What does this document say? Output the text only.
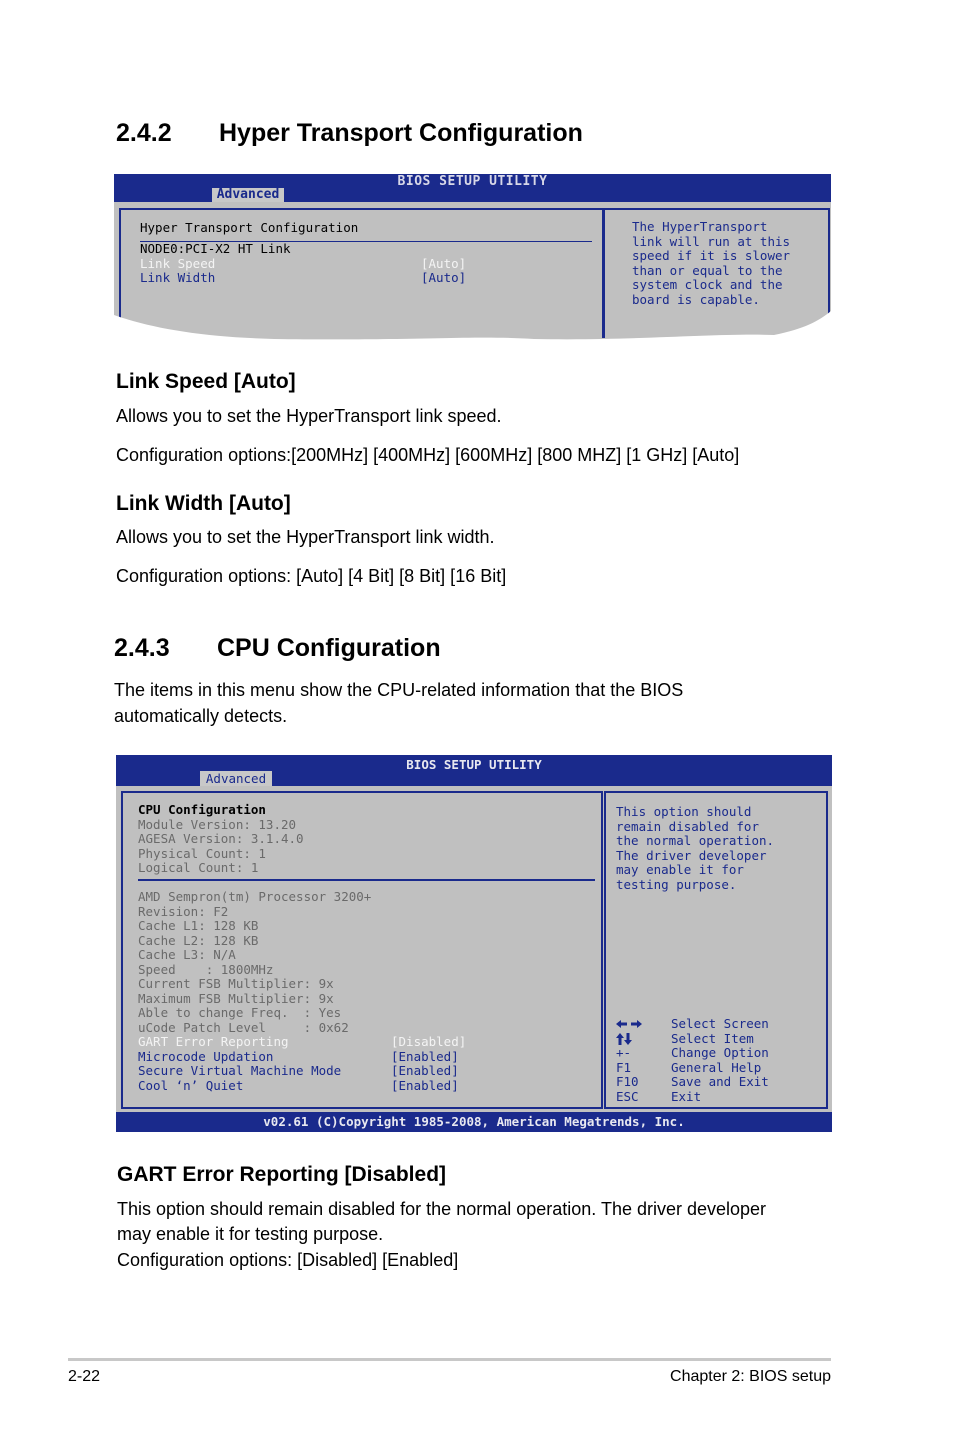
2.4.2 Hyper Transport Configuration
BIOS SETUP UTILITY
Advanced
Hyper Transport Configuration
NODE0:PCI-X2 HT Link
Link Speed	[Auto]
Link Width	[Auto]
The HyperTransport
link will run at this
speed if it is slower
than or equal to the
system clock and the
board is capable.
Link Speed [Auto]
Allows you to set the HyperTransport link speed.
Configuration options:[200MHz] [400MHz] [600MHz] [800 MHZ] [1 GHz] [Auto]
Link Width [Auto]
Allows you to set the HyperTransport link width.
Configuration options: [Auto] [4 Bit] [8 Bit] [16 Bit]
2.4.3 CPU Configuration
The items in this menu show the CPU-related information that the BIOS
automatically detects.
BIOS SETUP UTILITY
Advanced
CPU Configuration
Module Version: 13.20
AGESA Version: 3.1.4.0
Physical Count: 1
Logical Count: 1
AMD Sempron(tm) Processor 3200+
Revision: F2
Cache L1: 128 KB
Cache L2: 128 KB
Cache L3: N/A
Speed    : 1800MHz
Current FSB Multiplier: 9x
Maximum FSB Multiplier: 9x
Able to change Freq.  : Yes
uCode Patch Level     : 0x62
GART Error Reporting	[Disabled]
Microcode Updation	[Enabled]
Secure Virtual Machine Mode	[Enabled]
Cool ‘n’ Quiet	[Enabled]
This option should
remain disabled for
the normal operation.
The driver developer
may enable it for
testing purpose.
Select Screen
Select Item
+-	Change Option
F1	General Help
F10	Save and Exit
ESC	Exit
v02.61 (C)Copyright 1985-2008, American Megatrends, Inc.
GART Error Reporting [Disabled]
This option should remain disabled for the normal operation. The driver developer
may enable it for testing purpose.
Configuration options: [Disabled] [Enabled]
2-22	Chapter 2: BIOS setup
